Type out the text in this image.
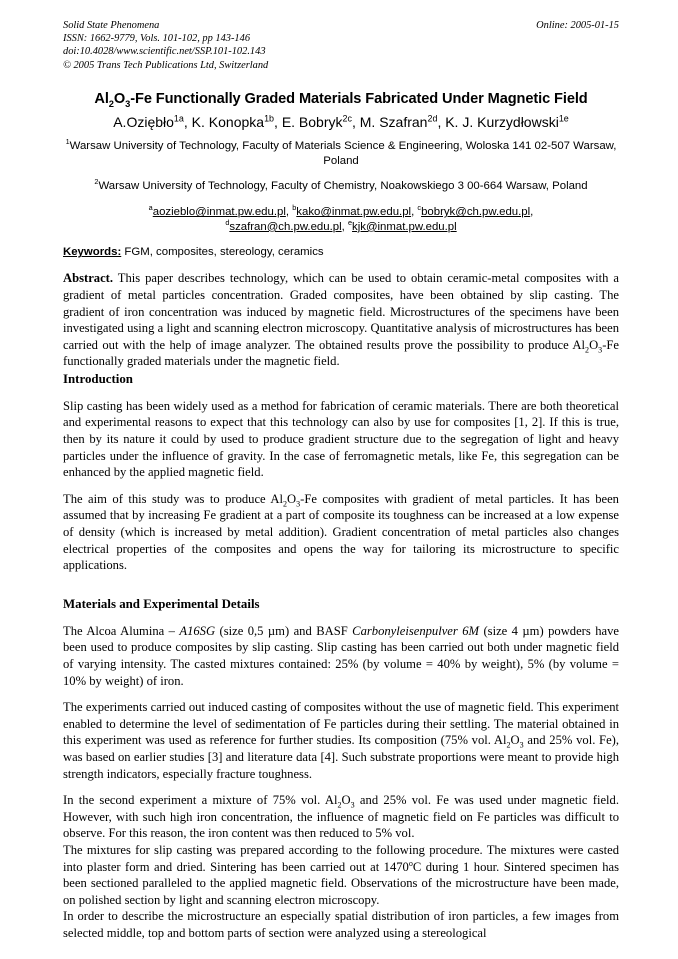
Solid State Phenomena
ISSN: 1662-9779, Vols. 101-102, pp 143-146
doi:10.4028/www.scientific.net/SSP.101-102.143
© 2005 Trans Tech Publications Ltd, Switzerland
Online: 2005-01-15
$Al_2O_3-Fe$ Functionally Graded Materials Fabricated Under Magnetic Field
A.Oziębło$^{1a}$, K. Konopka$^{1b}$, E. Bobryk$^{2c}$, M. Szafran$^{2d}$, K. J. Kurzydłowski$^{1e}$
$^1$Warsaw University of Technology, Faculty of Materials Science & Engineering, Woloska 141 02-507 Warsaw, Poland
$^2$Warsaw University of Technology, Faculty of Chemistry, Noakowskiego 3 00-664 Warsaw, Poland
$^a$aozieblo@inmat.pw.edu.pl, $^b$kako@inmat.pw.edu.pl, $^c$bobryk@ch.pw.edu.pl,
$^d$szafran@ch.pw.edu.pl, $^e$kjk@inmat.pw.edu.pl
Keywords: FGM, composites, stereology, ceramics
Abstract. This paper describes technology, which can be used to obtain ceramic-metal composites with a gradient of metal particles concentration. Graded composites, have been obtained by slip casting. The gradient of iron concentration was induced by magnetic field. Microstructures of the specimens have been investigated using a light and scanning electron microscopy. Quantitative analysis of microstructures has been carried out with the help of image analyzer. The obtained results prove the possibility to produce $Al_2O_3-Fe$ functionally graded materials under the magnetic field.
Introduction
Slip casting has been widely used as a method for fabrication of ceramic materials. There are both theoretical and experimental reasons to expect that this technology can also by use for composites [1, 2]. If this is true, then by its nature it could by used to produce gradient structure due to the segregation of light and heavy particles under the influence of gravity. In the case of ferromagnetic metals, like Fe, this segregation can be enhanced by the applied magnetic field.
The aim of this study was to produce $Al_2O_3-Fe$ composites with gradient of metal particles. It has been assumed that by increasing Fe gradient at a part of composite its toughness can be increased at a low expense of density (which is increased by metal addition). Gradient concentration of metal particles also changes electrical properties of the composites and opens the way for tailoring its microstructure to specific applications.
Materials and Experimental Details
The Alcoa Alumina – A16SG (size 0,5 µm) and BASF Carbonyleisenpulver 6M (size 4 µm) powders have been used to produce composites by slip casting. Slip casting has been carried out both under magnetic field of varying intensity. The casted mixtures contained: 25% (by volume = 40% by weight), 5% (by volume = 10% by weight) of iron.
The experiments carried out induced casting of composites without the use of magnetic field. This experiment enabled to determine the level of sedimentation of Fe particles during their settling. The material obtained in this experiment was used as reference for further studies. Its composition (75% vol. $Al_2O_3$ and 25% vol. Fe), was based on earlier studies [3] and literature data [4]. Such substrate proportions were meant to provide high strength indicators, especially fracture toughness.
In the second experiment a mixture of 75% vol. $Al_2O_3$ and 25% vol. Fe was used under magnetic field. However, with such high iron concentration, the influence of magnetic field on Fe particles was difficult to observe. For this reason, the iron content was then reduced to 5% vol.
The mixtures for slip casting was prepared according to the following procedure. The mixtures were casted into plaster form and dried. Sintering has been carried out at 1470$^o$C during 1 hour. Sintered specimen has been sectioned paralleled to the applied magnetic field. Observations of the microstructure have been made, on polished section by light and scanning electron microscopy.
In order to describe the microstructure an especially spatial distribution of iron particles, a few images from selected middle, top and bottom parts of section were analyzed using a stereological
